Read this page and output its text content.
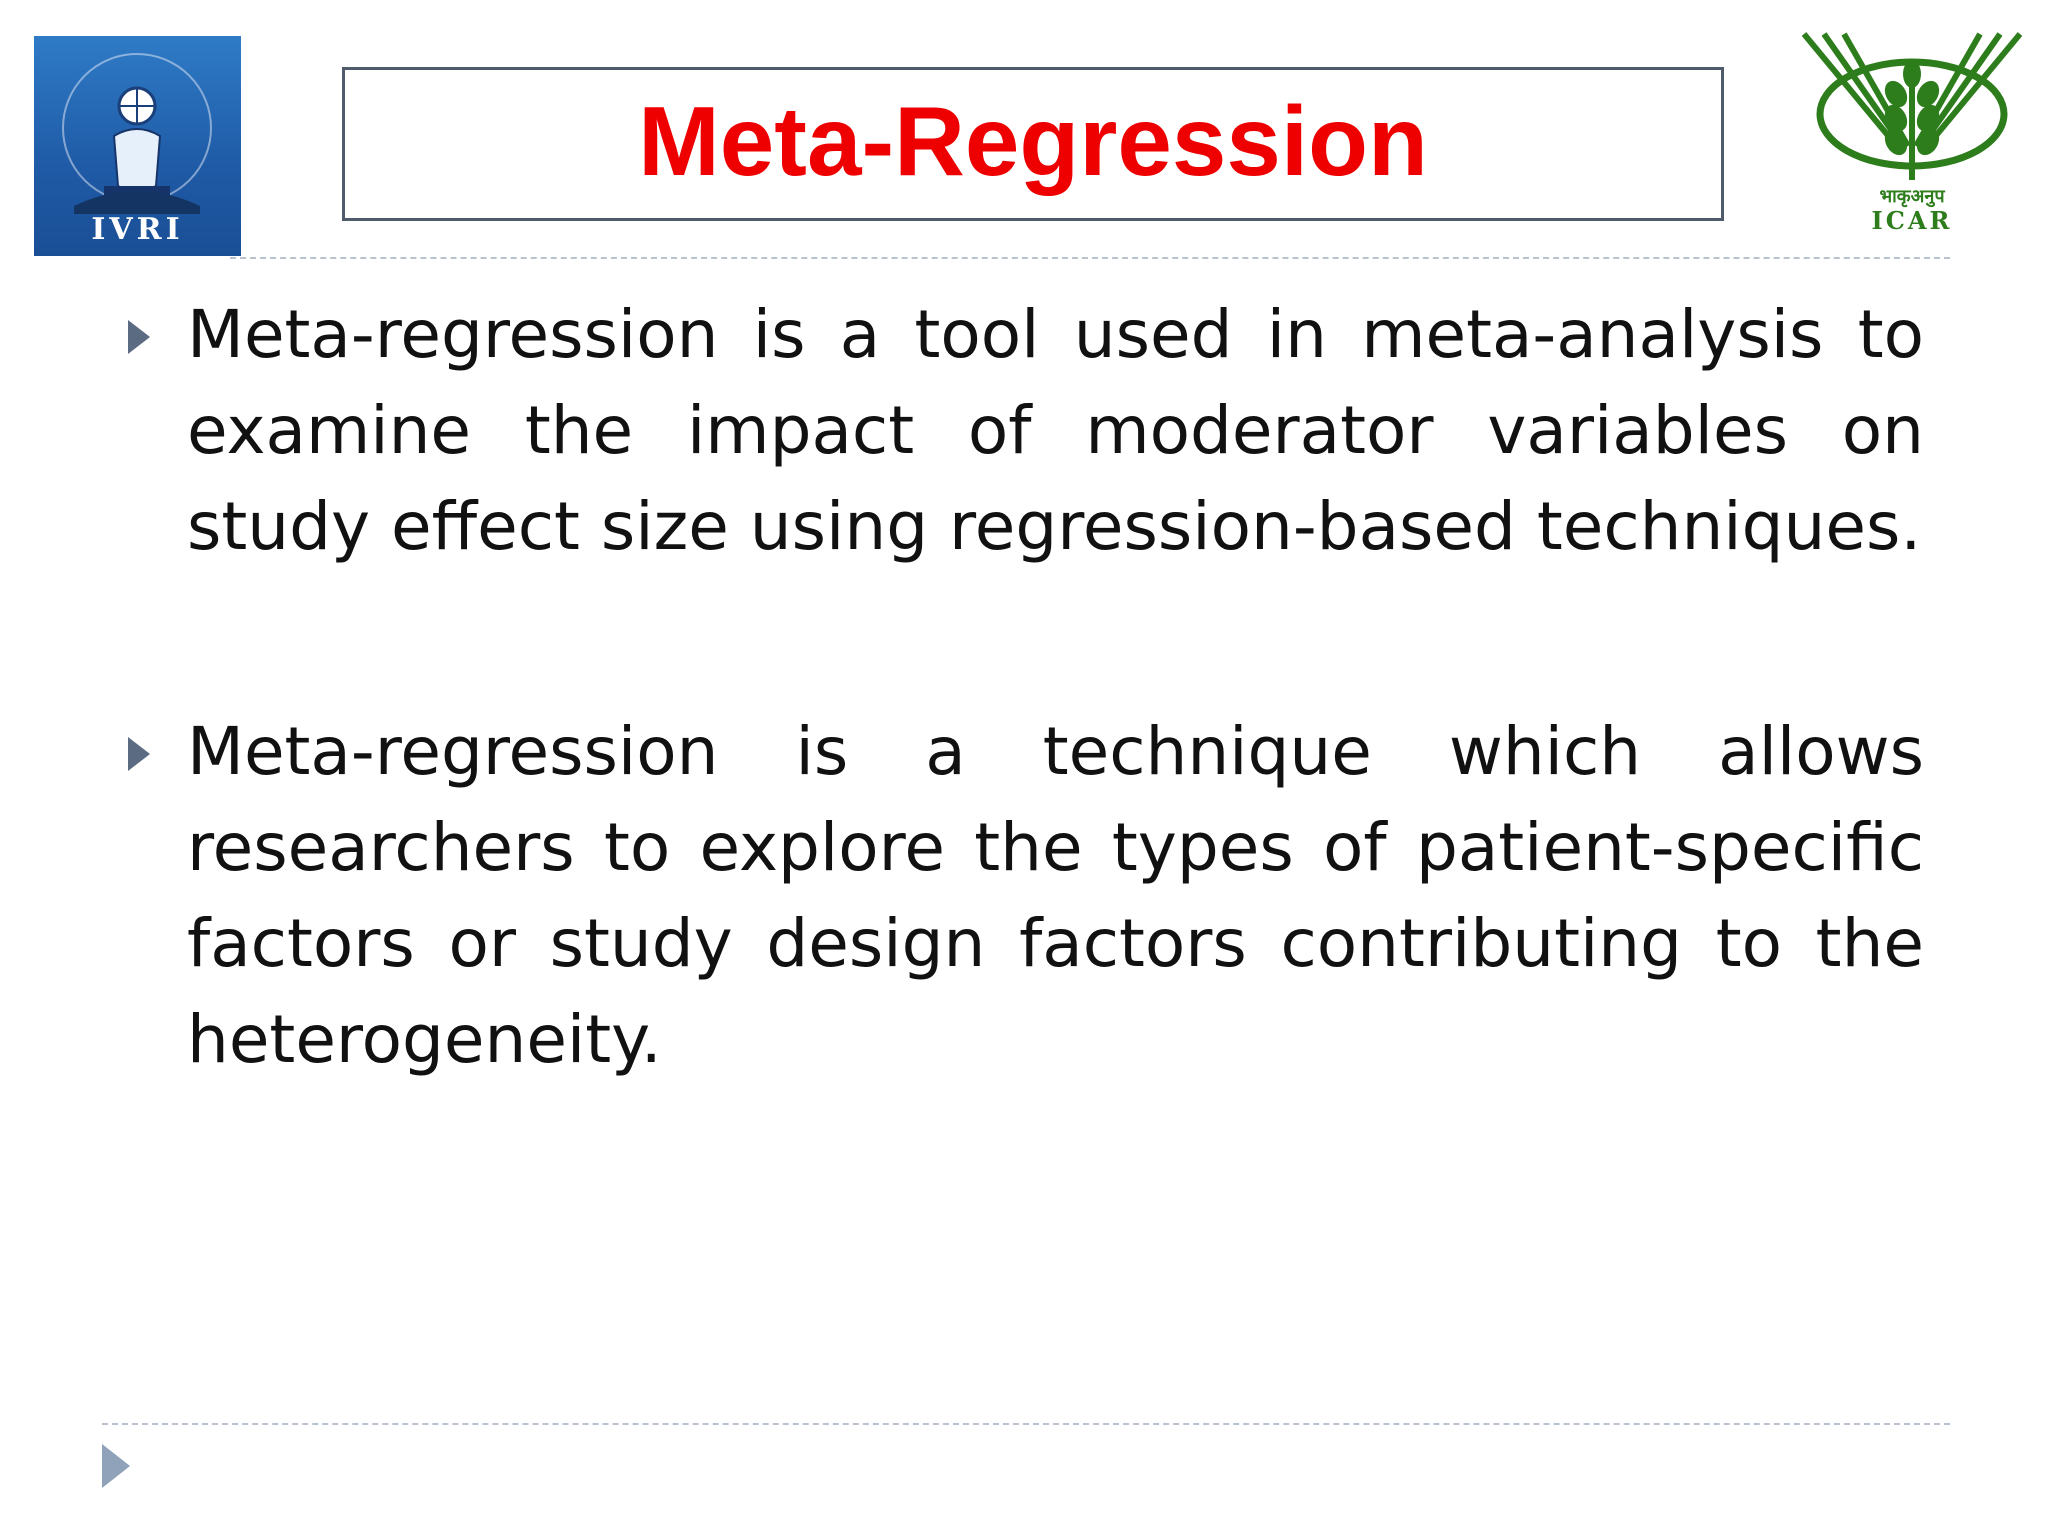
IVRI
Meta-Regression
भाकृअनुप
ICAR
Meta-regression is a tool used in meta-analysis to examine the impact of moderator variables on study effect size using regression-based techniques.
Meta-regression is a technique which allows researchers to explore the types of patient-specific factors or study design factors contributing to the heterogeneity.
